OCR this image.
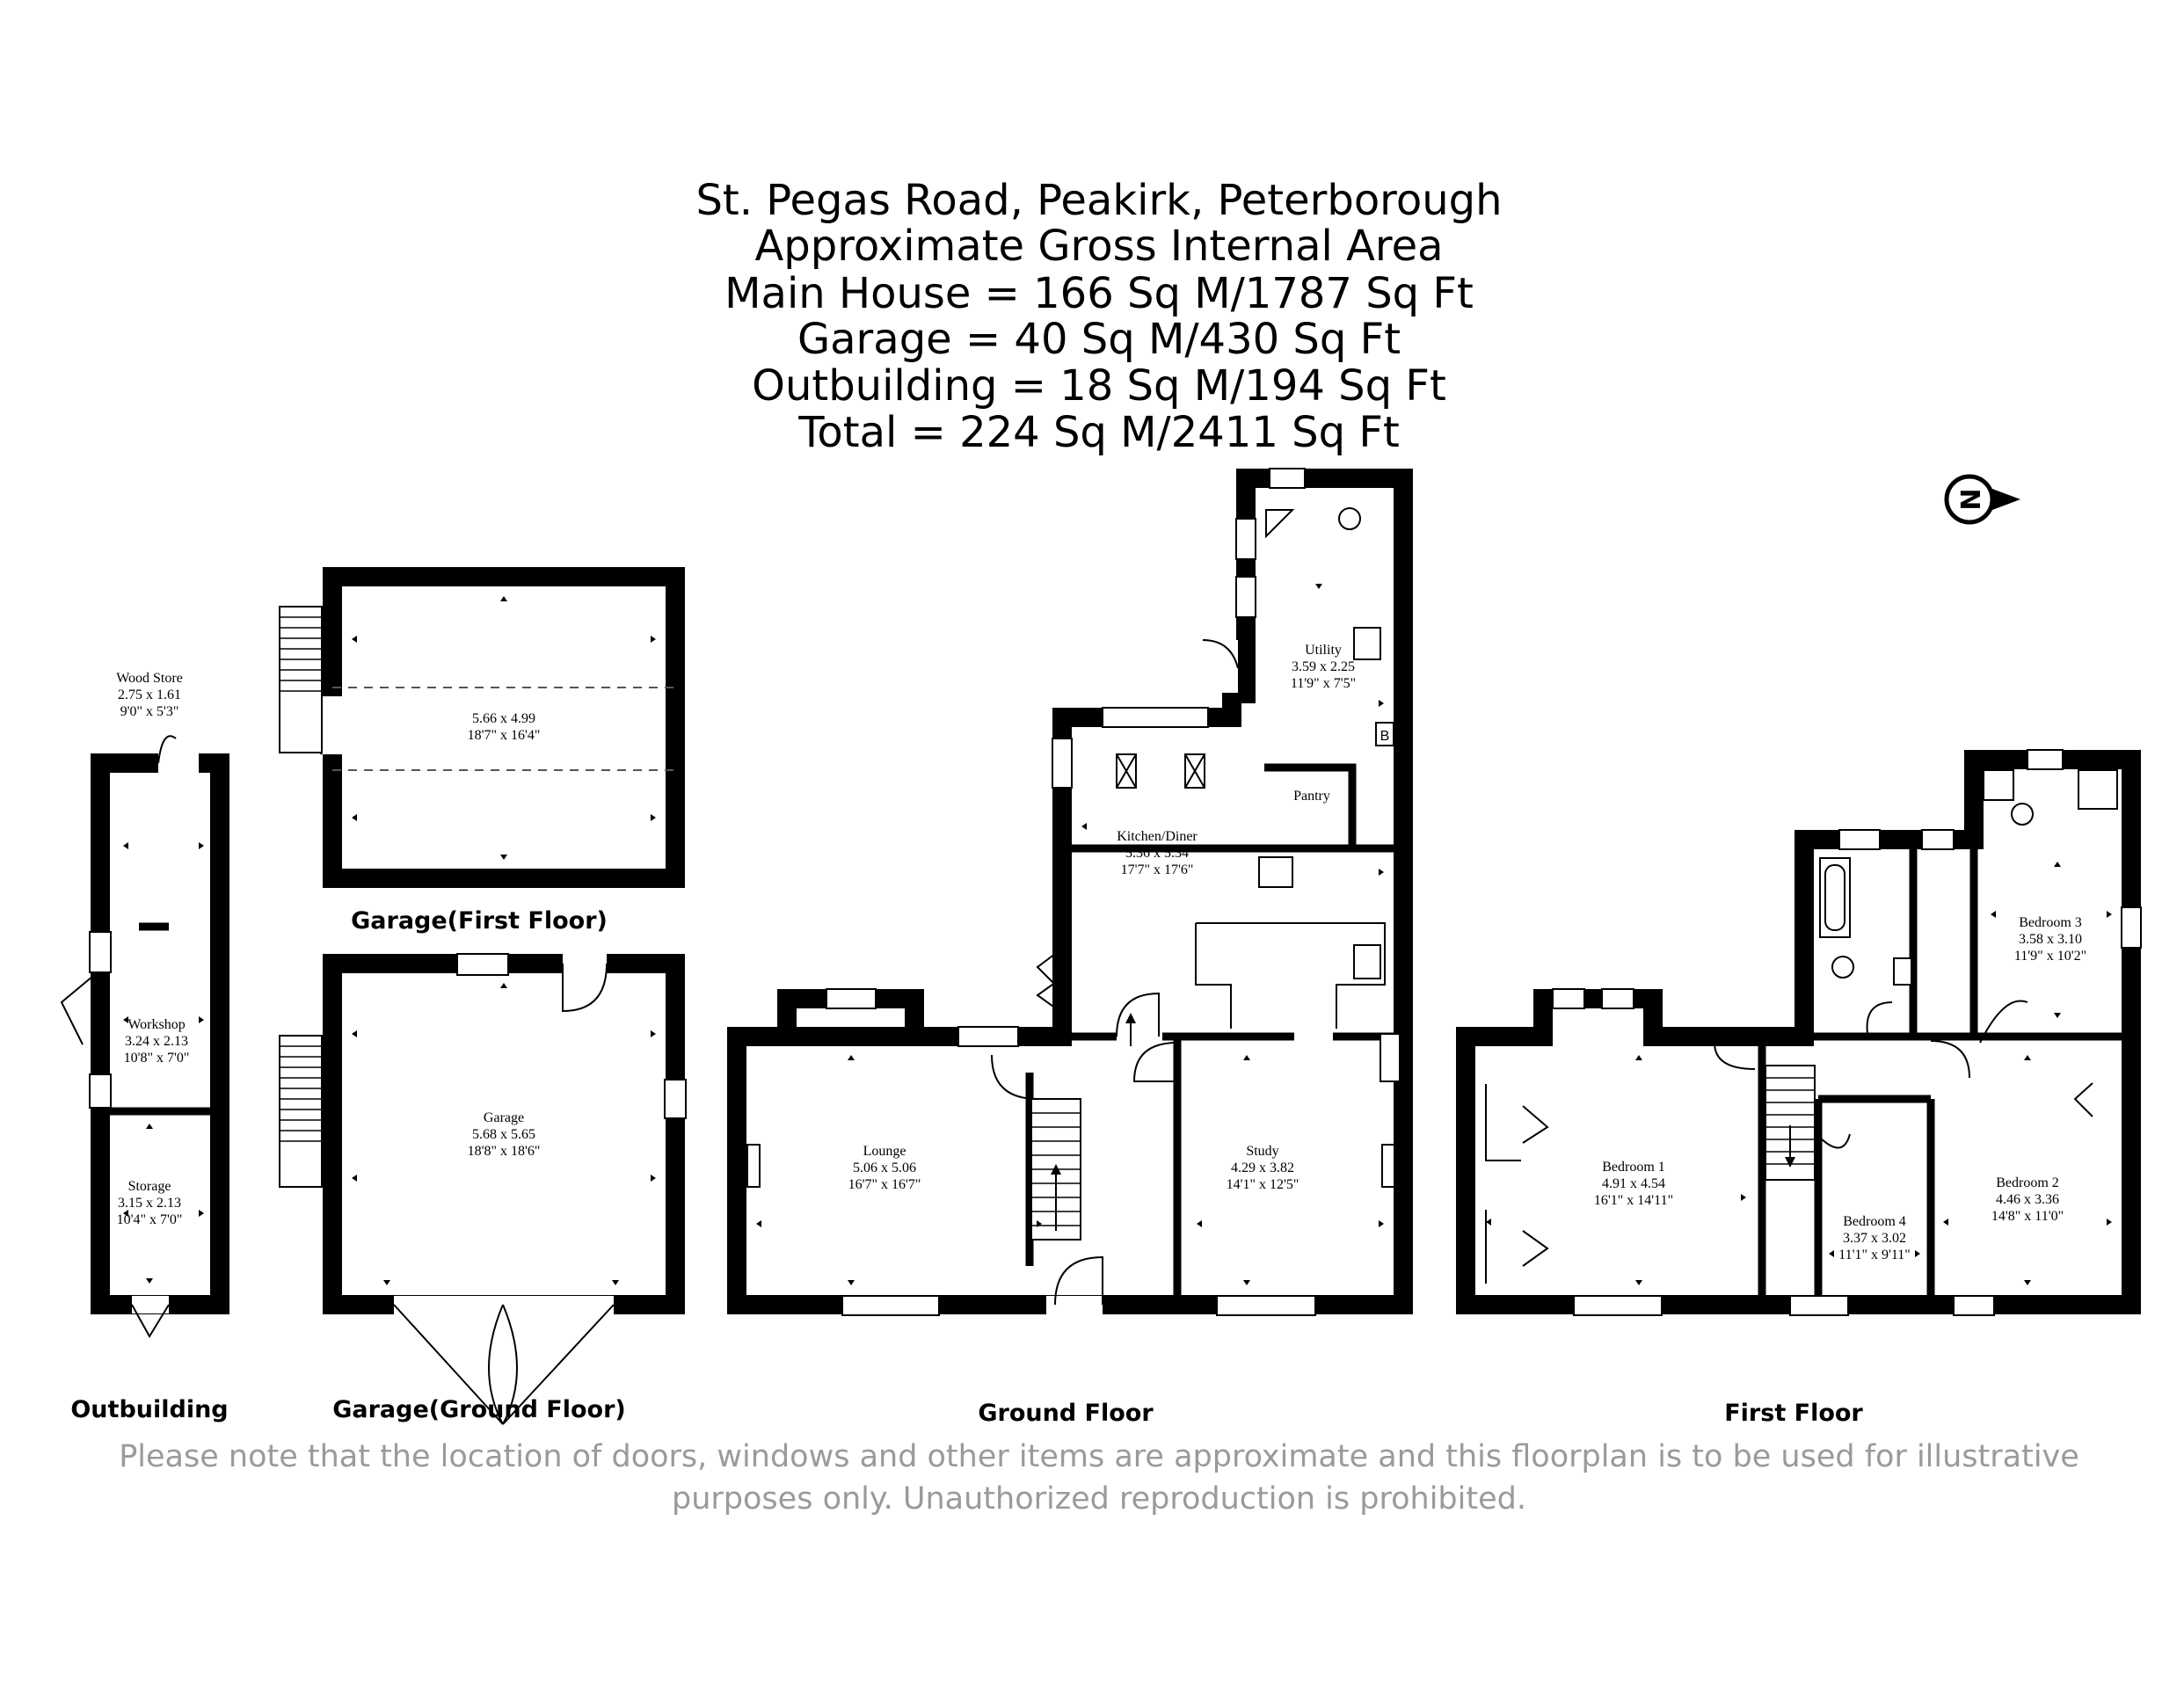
St. Pegas Road, Peakirk, Peterborough
Approximate Gross Internal Area
Main House = 166 Sq M/1787 Sq Ft
Garage = 40 Sq M/430 Sq Ft
Outbuilding = 18 Sq M/194 Sq Ft
Total = 224 Sq M/2411 Sq Ft
N
Wood Store
2.75 x 1.61
9'0" x 5'3"
Workshop
3.24 x 2.13
10'8" x 7'0"
Storage
3.15 x 2.13
10'4" x 7'0"
Outbuilding
5.66 x 4.99
18'7" x 16'4"
Garage(First Floor)
Garage
5.68 x 5.65
18'8" x 18'6"
Garage(Ground Floor)
B
Utility
3.59 x 2.25
11'9" x 7'5"
Pantry
Kitchen/Diner
5.36 x 5.34
17'7" x 17'6"
Lounge
5.06 x 5.06
16'7" x 16'7"
Study
4.29 x 3.82
14'1" x 12'5"
Ground Floor
Bedroom 1
4.91 x 4.54
16'1" x 14'11"
Bedroom 2
4.46 x 3.36
14'8" x 11'0"
Bedroom 3
3.58 x 3.10
11'9" x 10'2"
Bedroom 4
3.37 x 3.02
11'1" x 9'11"
First Floor
Please note that the location of doors, windows and other items are approximate and this floorplan is to be used for illustrative
purposes only. Unauthorized reproduction is prohibited.
